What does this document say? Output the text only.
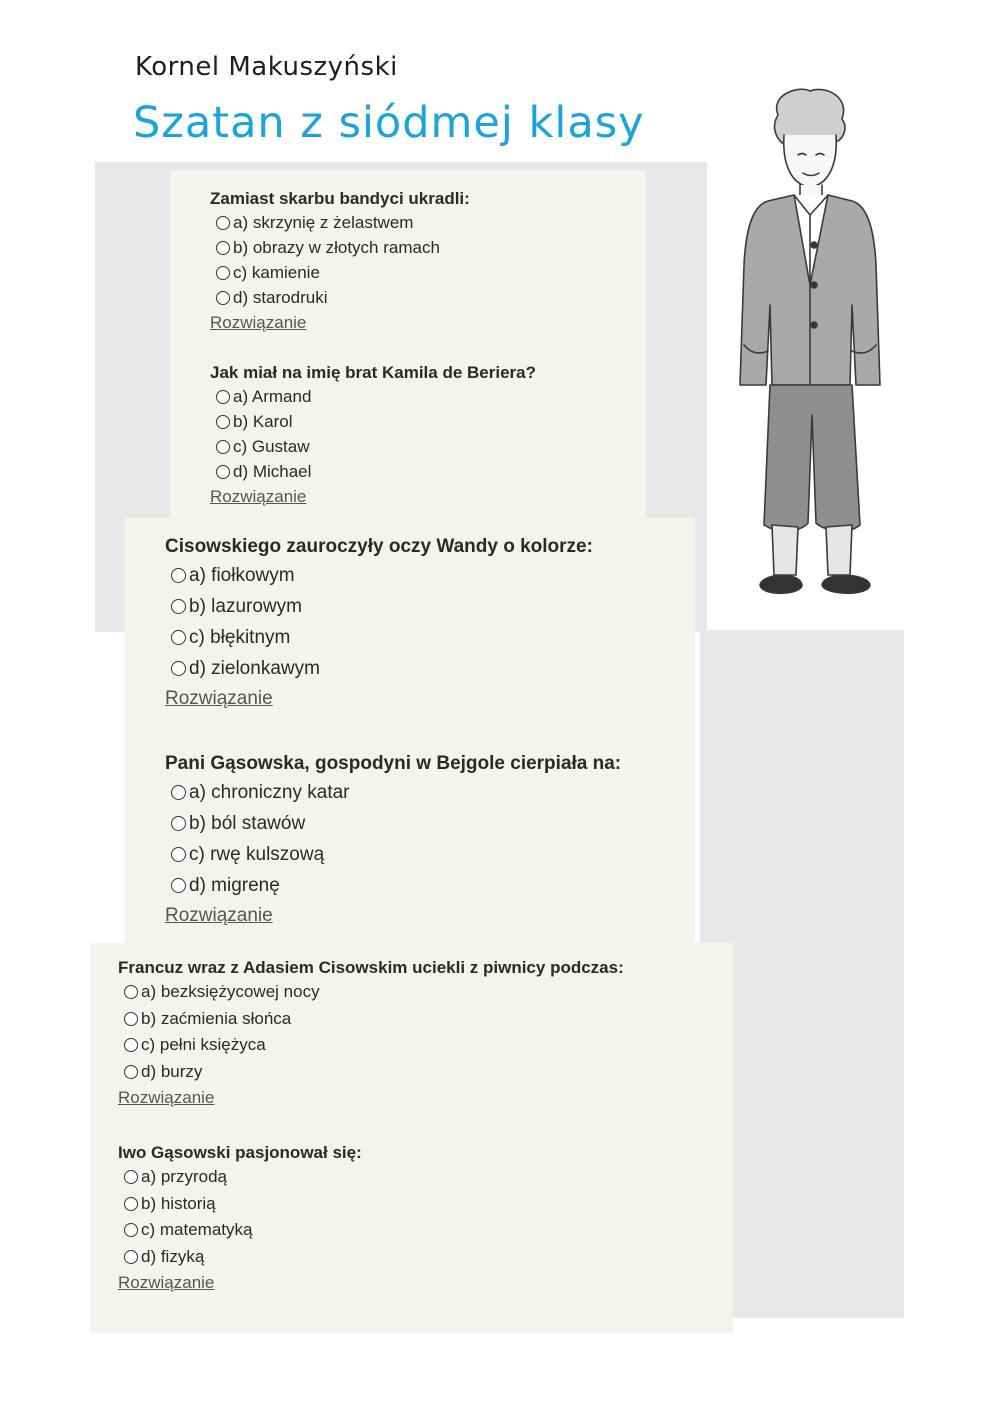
Kornel Makuszyński
Szatan z siódmej klasy

Zamiast skarbu bandyci ukradli:

a) skrzynię z żelastwem
b) obrazy w złotych ramach
c) kamienie
d) starodruki
Rozwiązanie

Jak miał na imię brat Kamila de Beriera?

a) Armand
b) Karol
c) Gustaw
d) Michael
Rozwiązanie

Cisowskiego zauroczyły oczy Wandy o kolorze:

a) fiołkowym
b) lazurowym
c) błękitnym
d) zielonkawym
Rozwiązanie

Pani Gąsowska, gospodyni w Bejgole cierpiała na:

a) chroniczny katar
b) ból stawów
c) rwę kulszową
d) migrenę
Rozwiązanie

Francuz wraz z Adasiem Cisowskim uciekli z piwnicy podczas:

a) bezksiężycowej nocy
b) zaćmienia słońca
c) pełni księżyca
d) burzy
Rozwiązanie

Iwo Gąsowski pasjonował się:

a) przyrodą
b) historią
c) matematyką
d) fizyką
Rozwiązanie
